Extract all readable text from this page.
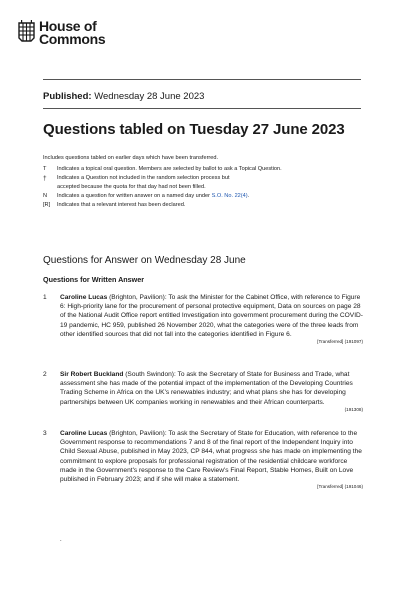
House of
Commons
Published: Wednesday 28 June 2023
Questions tabled on Tuesday 27 June 2023
Includes questions tabled on earlier days which have been transferred.
T	Indicates a topical oral question. Members are selected by ballot to ask a Topical Question.
†	Indicates a Question not included in the random selection process but
accepted because the quota for that day had not been filled.
N	Indicates a question for written answer on a named day under S.O. No. 22(4).
[R]	Indicates that a relevant interest has been declared.
Questions for Answer on Wednesday 28 June
Questions for Written Answer
1 Caroline Lucas (Brighton, Pavilion): To ask the Minister for the Cabinet Office, with reference to Figure 6: High-priority lane for the procurement of personal protective equipment, Data on sources on page 28 of the National Audit Office report entitled Investigation into government procurement during the COVID-19 pandemic, HC 959, published 26 November 2020, what the categories were of the three leads from other identified sources that did not fall into the categories identified in Figure 6.
[Transferred] (191097)
2 Sir Robert Buckland (South Swindon): To ask the Secretary of State for Business and Trade, what assessment she has made of the potential impact of the implementation of the Developing Countries Trading Scheme in Africa on the UK's renewables industry; and what plans she has for developing partnerships between UK companies working in renewables and their African counterparts.
(191308)
3 Caroline Lucas (Brighton, Pavilion): To ask the Secretary of State for Education, with reference to the Government response to recommendations 7 and 8 of the final report of the Independent Inquiry into Child Sexual Abuse, published in May 2023, CP 844, what progress she has made on implementing the commitment to explore proposals for professional registration of the residential childcare workforce made in the Government's response to the Care Review's Final Report, Stable Homes, Built on Love published in February 2023; and if she will make a statement.
[Transferred] (191046)
.
